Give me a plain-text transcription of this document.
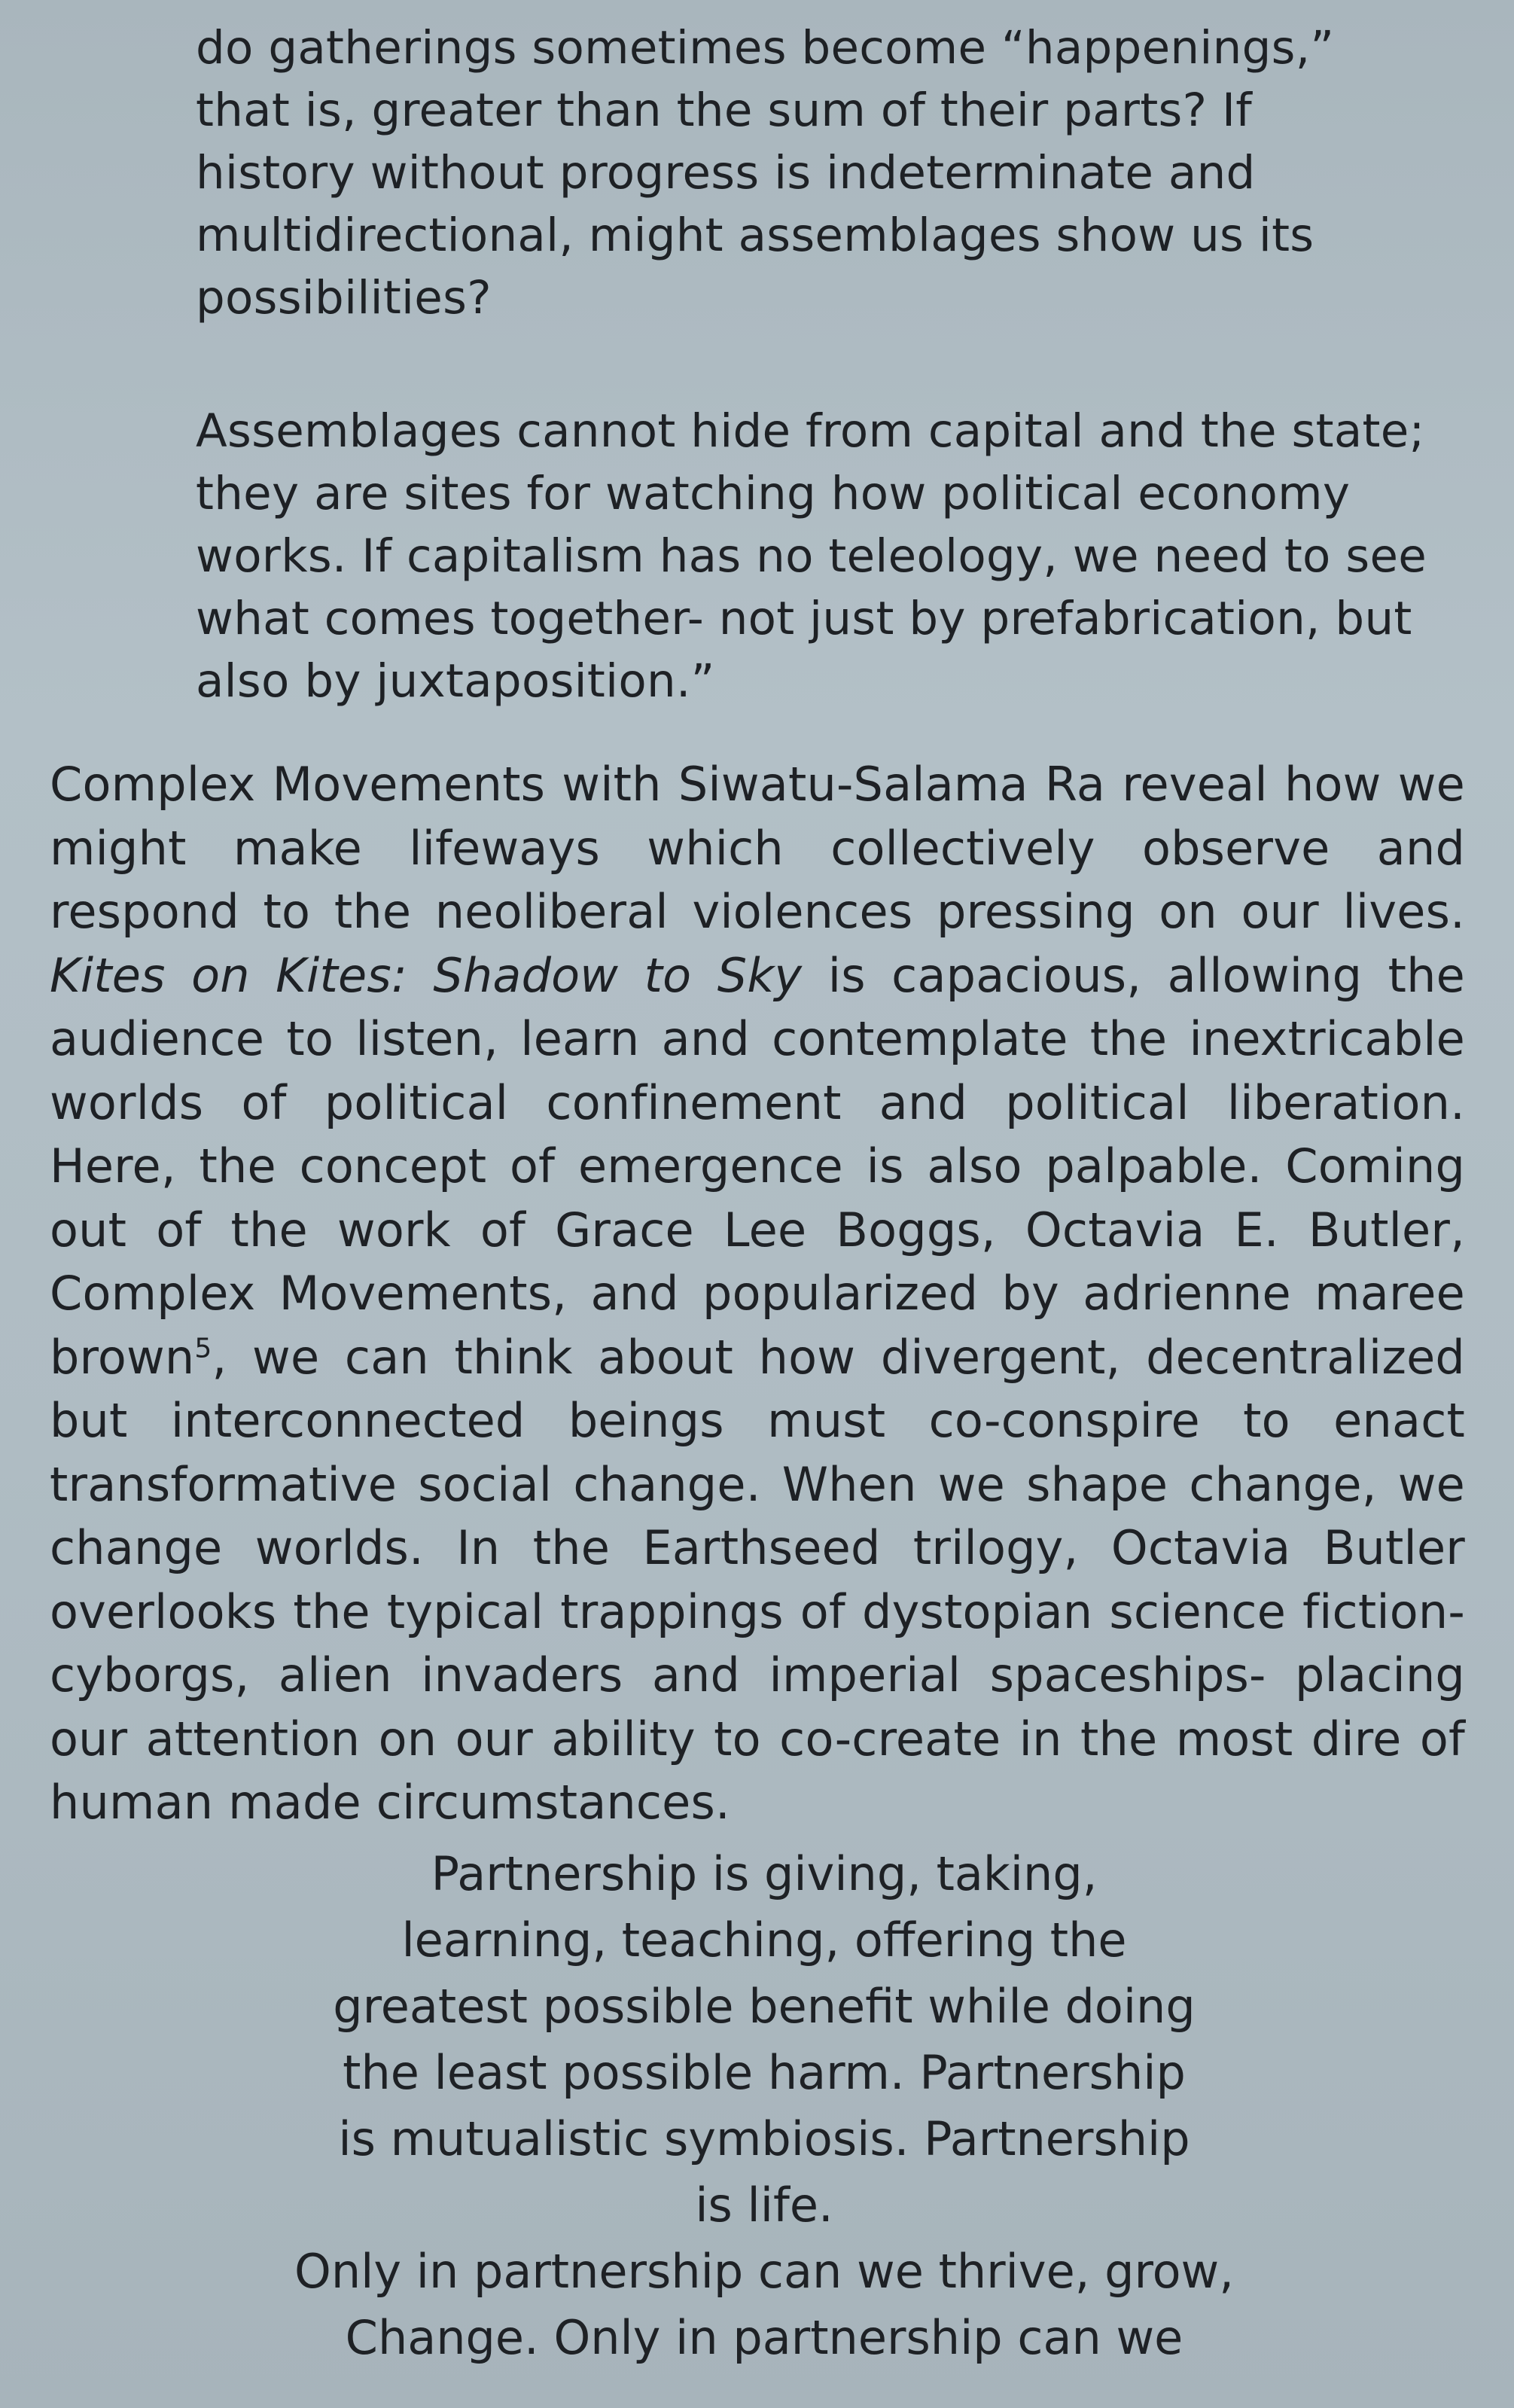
do gatherings sometimes become “happenings,”
that is, greater than the sum of their parts? If
history without progress is indeterminate and
multidirectional, might assemblages show us its
possibilities?

Assemblages cannot hide from capital and the state;
they are sites for watching how political economy
works. If capitalism has no teleology, we need to see
what comes together- not just by prefabrication, but
also by juxtaposition.”

Complex Movements with Siwatu-Salama Ra reveal how we might make lifeways which collectively observe and respond to the neoliberal violences pressing on our lives. Kites on Kites: Shadow to Sky is capacious, allowing the audience to listen, learn and contemplate the inextricable worlds of political confinement and political liberation. Here, the concept of emergence is also palpable. Coming out of the work of Grace Lee Boggs, Octavia E. Butler, Complex Movements, and popularized by adrienne maree brown$^5$, we can think about how divergent, decentralized but interconnected beings must co-conspire to enact transformative social change. When we shape change, we change worlds. In the Earthseed trilogy, Octavia Butler overlooks the typical trappings of dystopian science fiction- cyborgs, alien invaders and imperial spaceships- placing our attention on our ability to co-create in the most dire of human made circumstances.

Partnership is giving, taking,
learning, teaching, offering the
greatest possible benefit while doing
the least possible harm. Partnership
is mutualistic symbiosis. Partnership
is life.

Only in partnership can we thrive, grow,
Change. Only in partnership can we
